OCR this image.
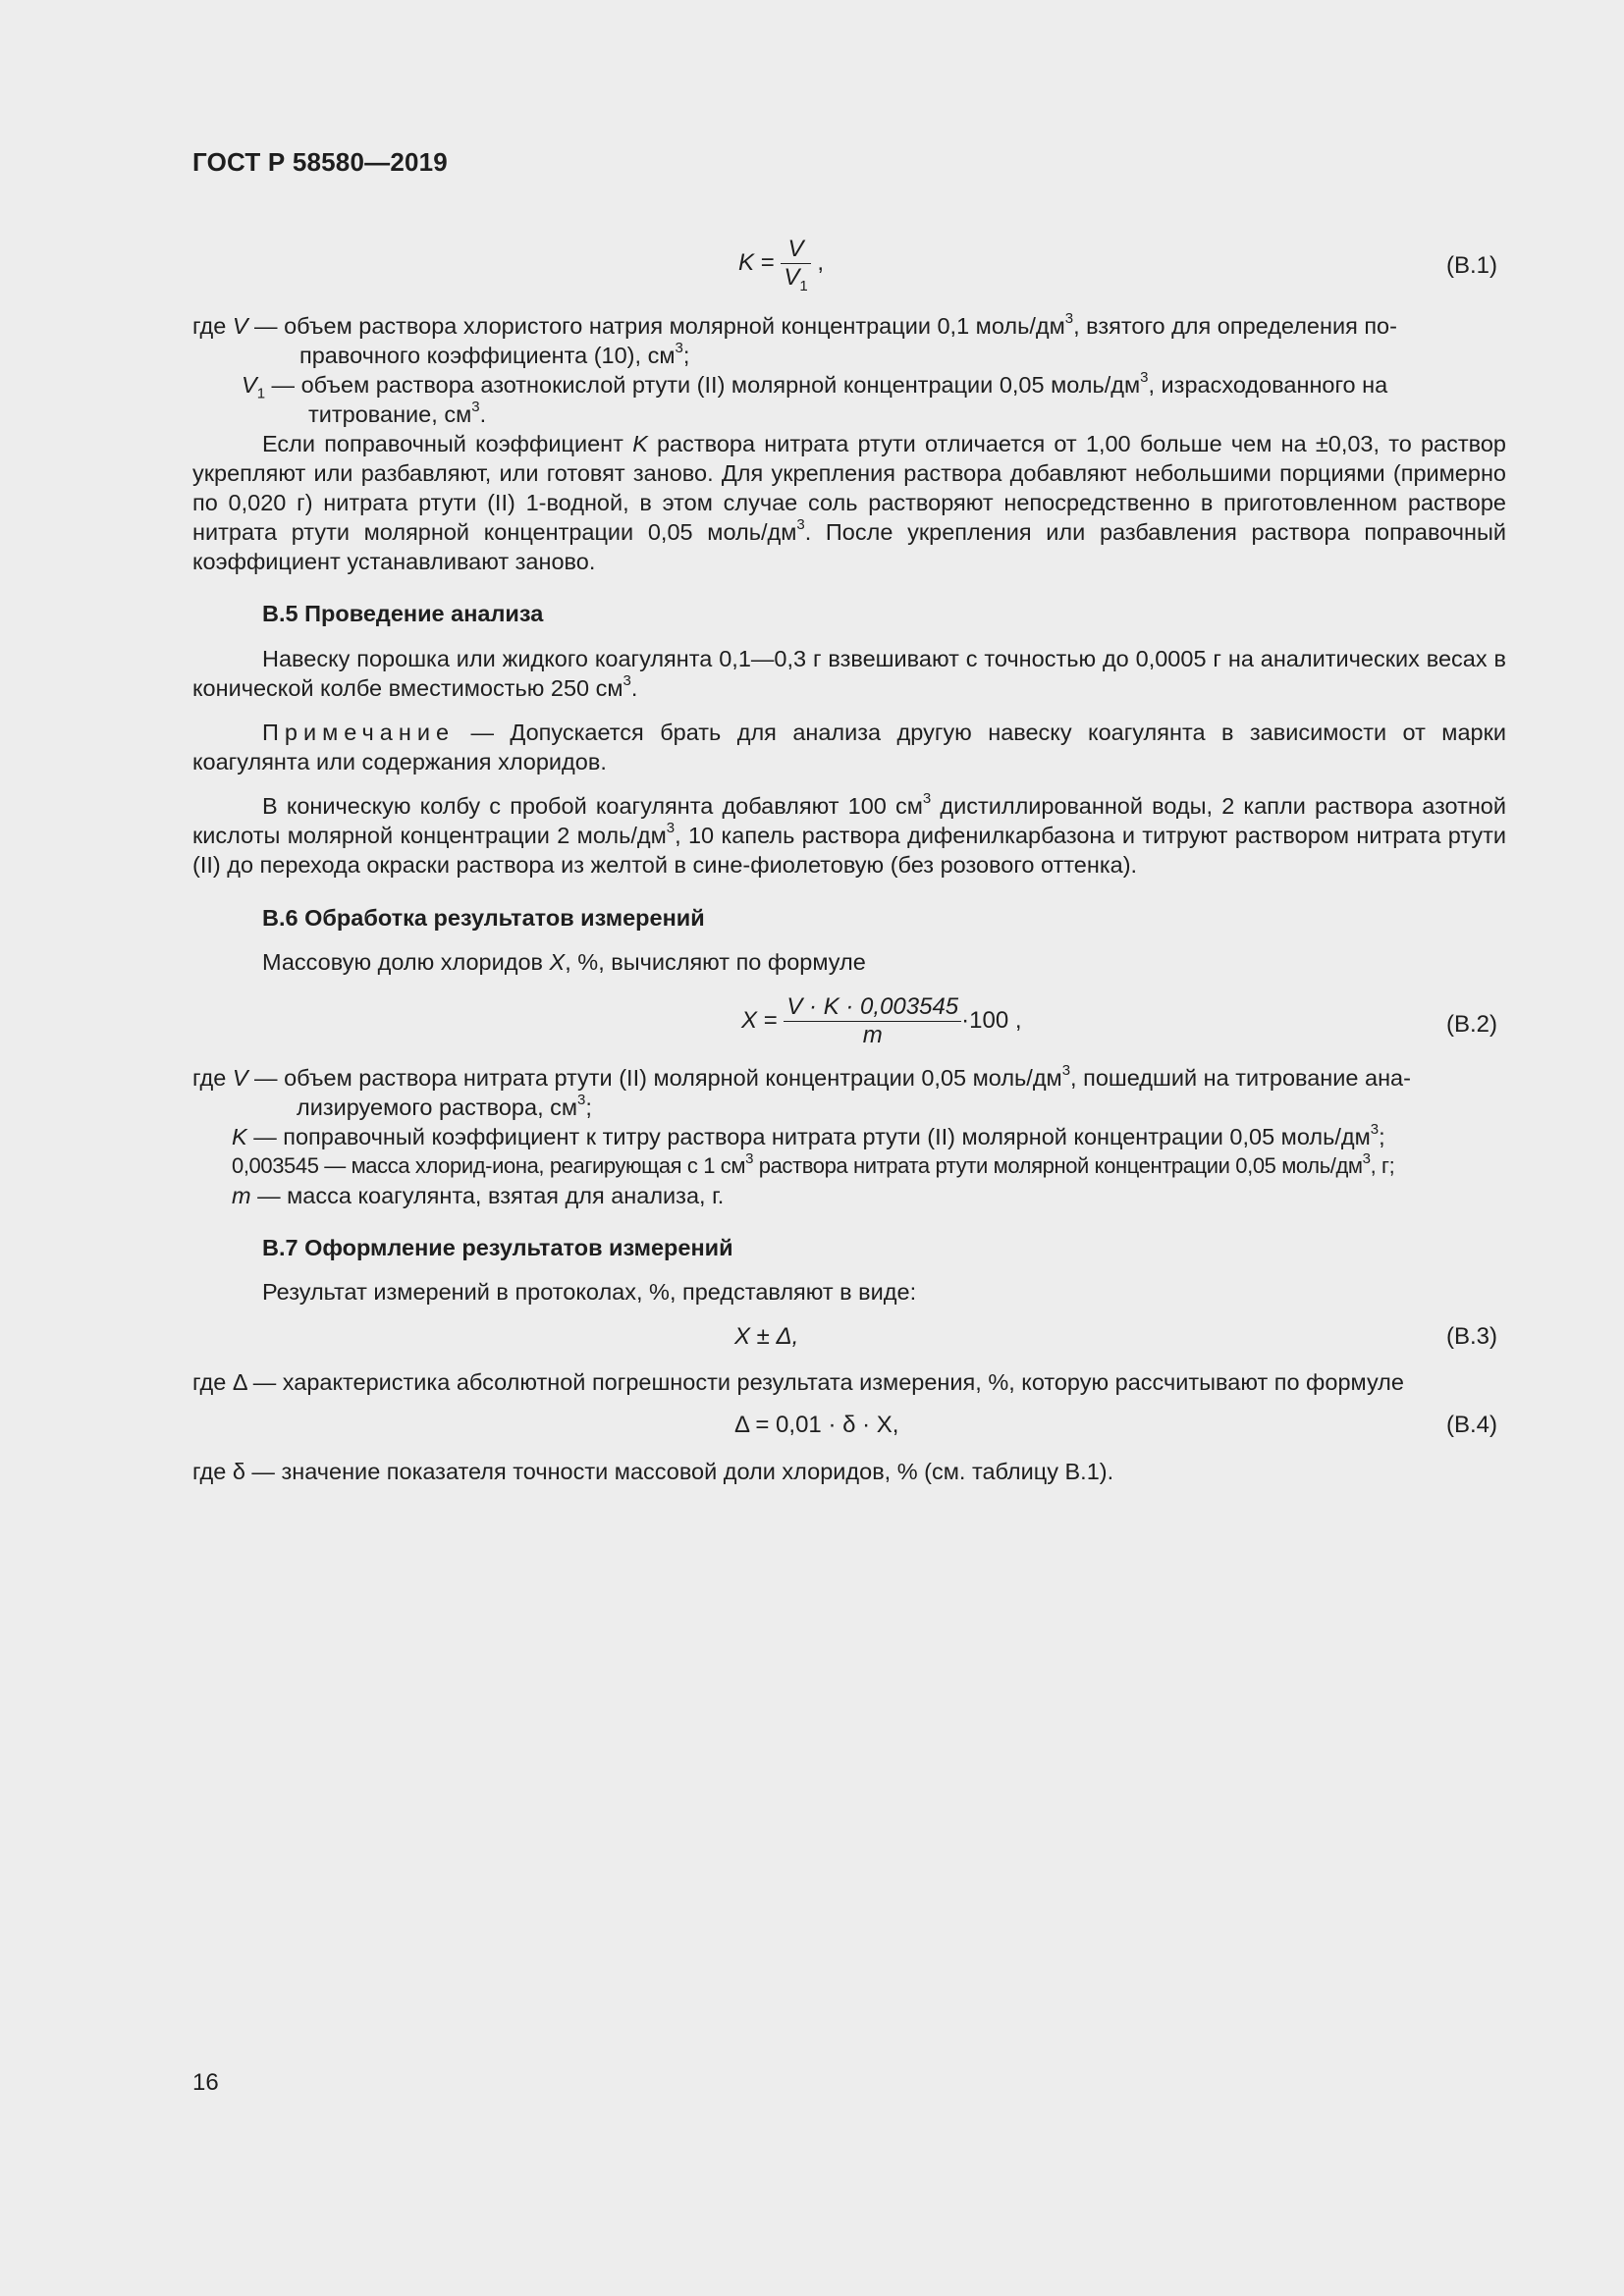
ГОСТ Р 58580—2019
$K = \frac{V}{V_1}$ ,	(В.1)
где V — объем раствора хлористого натрия молярной концентрации 0,1 моль/$дм^3$, взятого для определения по-
правочного коэффициента (10), $см^3$;
$V_1$ — объем раствора азотнокислой ртути (II) молярной концентрации 0,05 моль/$дм^3$, израсходованного на
титрование, $см^3$.
Если поправочный коэффициент K раствора нитрата ртути отличается от 1,00 больше чем на ±0,03, то раствор укрепляют или разбавляют, или готовят заново. Для укрепления раствора добавляют небольшими порциями (примерно по 0,020 г) нитрата ртути (II) 1-водной, в этом случае соль растворяют непосредственно в приготовленном растворе нитрата ртути молярной концентрации 0,05 моль/$дм^3$. После укрепления или разбавления раствора поправочный коэффициент устанавливают заново.
В.5 Проведение анализа
Навеску порошка или жидкого коагулянта 0,1—0,3 г взвешивают с точностью до 0,0005 г на аналитических весах в конической колбе вместимостью 250 $см^3$.
Примечание — Допускается брать для анализа другую навеску коагулянта в зависимости от марки коагулянта или содержания хлоридов.
В коническую колбу с пробой коагулянта добавляют 100 $см^3$ дистиллированной воды, 2 капли раствора азотной кислоты молярной концентрации 2 моль/$дм^3$, 10 капель раствора дифенилкарбазона и титруют раствором нитрата ртути (II) до перехода окраски раствора из желтой в сине-фиолетовую (без розового оттенка).
В.6 Обработка результатов измерений
Массовую долю хлоридов X, %, вычисляют по формуле
$X = \frac{V \cdot K \cdot 0,003545}{m} \cdot 100$ ,	(В.2)
где V — объем раствора нитрата ртути (II) молярной концентрации 0,05 моль/$дм^3$, пошедший на титрование ана-
лизируемого раствора, $см^3$;
K — поправочный коэффициент к титру раствора нитрата ртути (II) молярной концентрации 0,05 моль/$дм^3$;
0,003545 — масса хлорид-иона, реагирующая с 1 $см^3$ раствора нитрата ртути молярной концентрации 0,05 моль/$дм^3$, г;
m — масса коагулянта, взятая для анализа, г.
В.7 Оформление результатов измерений
Результат измерений в протоколах, %, представляют в виде:
X ± Δ,	(В.3)
где Δ — характеристика абсолютной погрешности результата измерения, %, которую рассчитывают по формуле
Δ = 0,01 · δ · X,	(В.4)
где δ — значение показателя точности массовой доли хлоридов, % (см. таблицу В.1).
16
